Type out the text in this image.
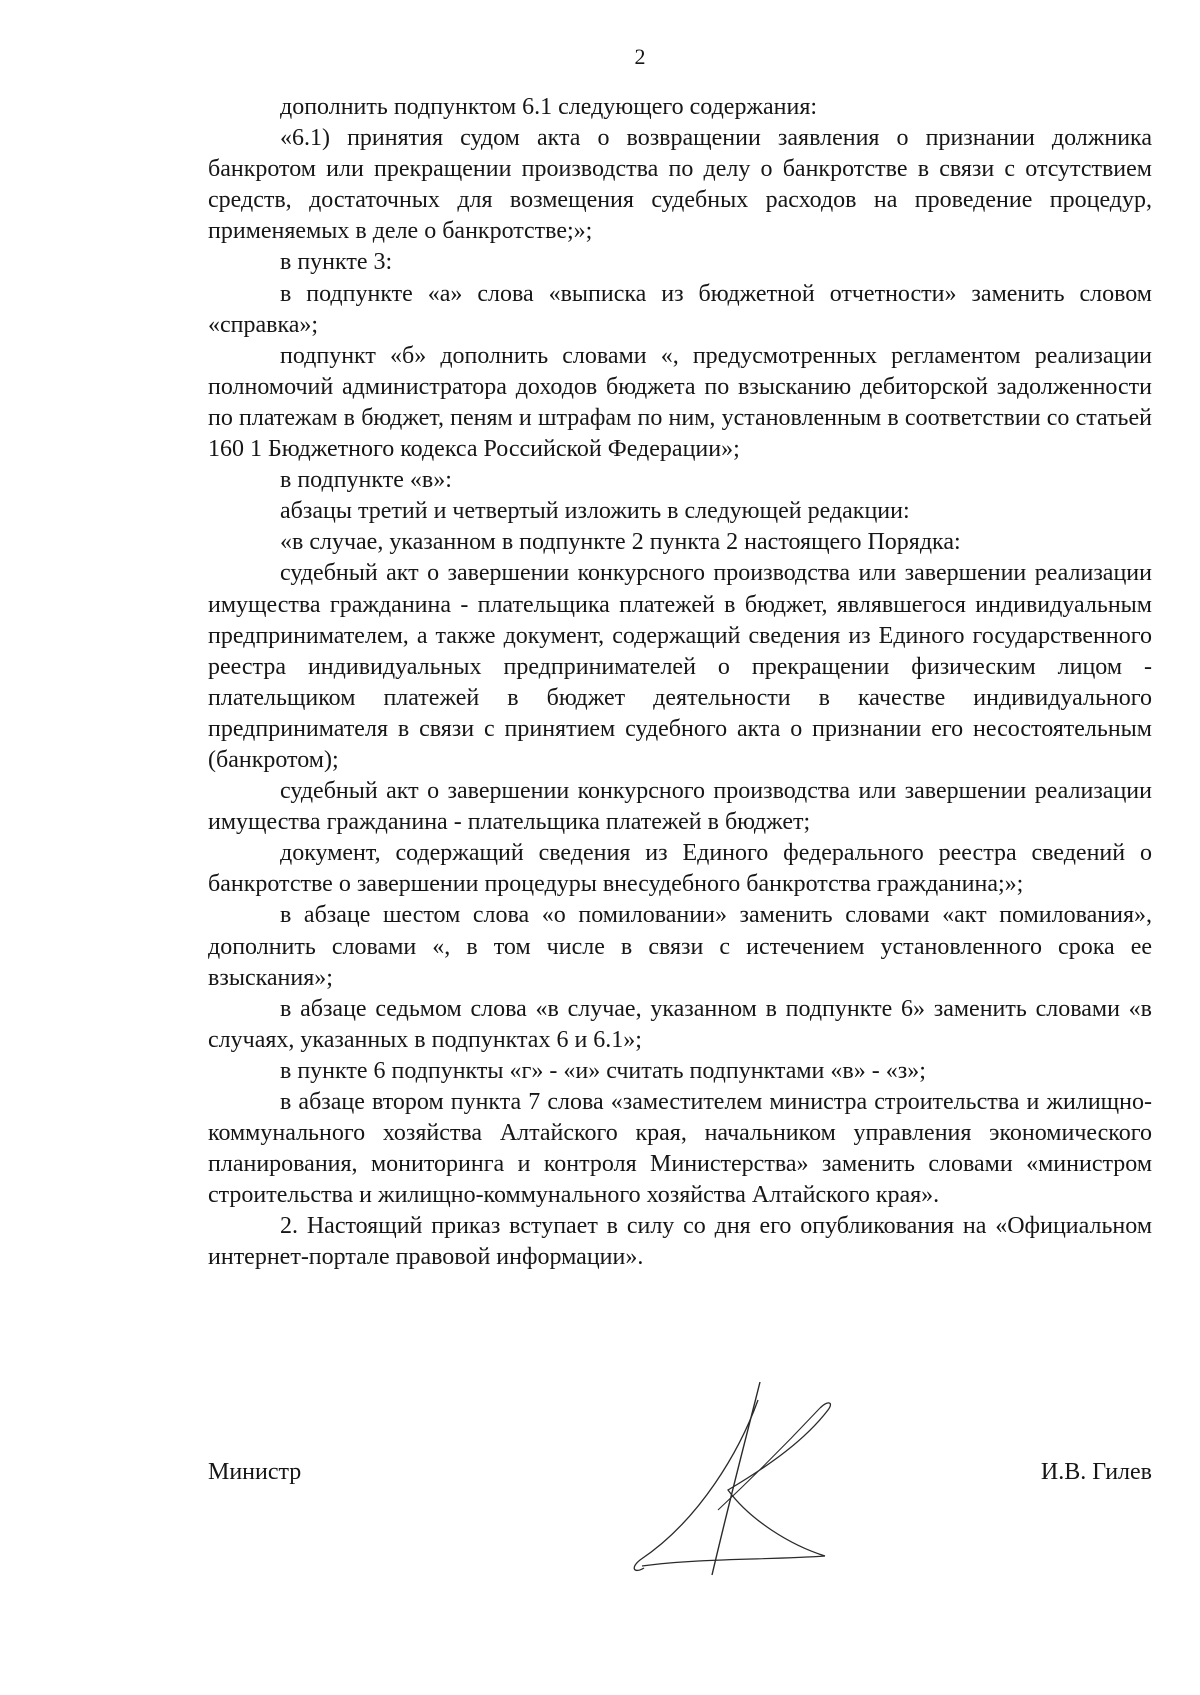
2

дополнить подпунктом 6.1 следующего содержания:

«6.1) принятия судом акта о возвращении заявления о признании должника банкротом или прекращении производства по делу о банкротстве в связи с отсутствием средств, достаточных для возмещения судебных расходов на проведение процедур, применяемых в деле о банкротстве;»;

в пункте 3:

в подпункте «а» слова «выписка из бюджетной отчетности» заменить словом «справка»;

подпункт «б» дополнить словами «, предусмотренных регламентом реализации полномочий администратора доходов бюджета по взысканию дебиторской задолженности по платежам в бюджет, пеням и штрафам по ним, установленным в соответствии со статьей 160 1 Бюджетного кодекса Российской Федерации»;

в подпункте «в»:

абзацы третий и четвертый изложить в следующей редакции:

«в случае, указанном в подпункте 2 пункта 2 настоящего Порядка:

судебный акт о завершении конкурсного производства или завершении реализации имущества гражданина - плательщика платежей в бюджет, являвшегося индивидуальным предпринимателем, а также документ, содержащий сведения из Единого государственного реестра индивидуальных предпринимателей о прекращении физическим лицом - плательщиком платежей в бюджет деятельности в качестве индивидуального предпринимателя в связи с принятием судебного акта о признании его несостоятельным (банкротом);

судебный акт о завершении конкурсного производства или завершении реализации имущества гражданина - плательщика платежей в бюджет;

документ, содержащий сведения из Единого федерального реестра сведений о банкротстве о завершении процедуры внесудебного банкротства гражданина;»;

в абзаце шестом слова «о помиловании» заменить словами «акт помилования», дополнить словами «, в том числе в связи с истечением установленного срока ее взыскания»;

в абзаце седьмом слова «в случае, указанном в подпункте 6» заменить словами «в случаях, указанных в подпунктах 6 и 6.1»;

в пункте 6 подпункты «г» - «и» считать подпунктами «в» - «з»;

в абзаце втором пункта 7 слова «заместителем министра строительства и жилищно-коммунального хозяйства Алтайского края, начальником управления экономического планирования, мониторинга и контроля Министерства» заменить словами «министром строительства и жилищно-коммунального хозяйства Алтайского края».

2. Настоящий приказ вступает в силу со дня его опубликования на «Официальном интернет-портале правовой информации».

Министр	И.В. Гилев
